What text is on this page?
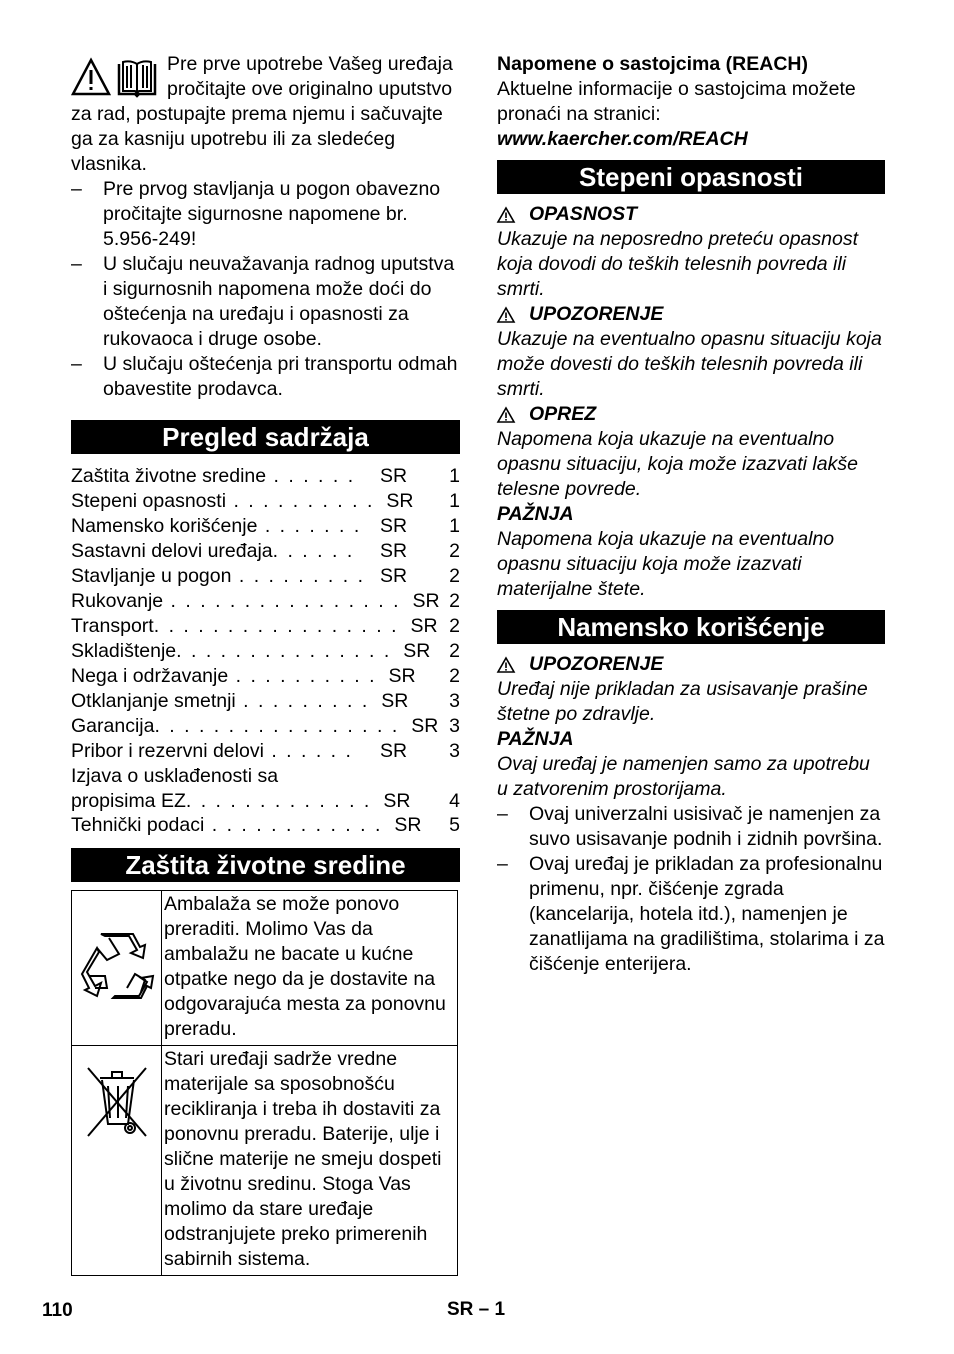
Pre prve upotrebe Vašeg uređaja pročitajte ove originalno uputstvo za rad, postupajte prema njemu i sačuvajte ga za kasniju upotrebu ili za sledećeg vlasnika.

– Pre prvog stavljanja u pogon obavezno pročitajte sigurnosne napomene br. 5.956-249!

– U slučaju neuvažavanja radnog uputstva i sigurnosnih napomena može doći do oštećenja na uređaju i opasnosti za rukovaoca i druge osobe.

– U slučaju oštećenja pri transportu odmah obavestite prodavca.

Pregled sadržaja
Zaštita životne sredine . . . . . .	SR	1
Stepeni opasnosti . . . . . . . . . . SR	1
Namensko korišćenje . . . . . . . SR	1
Sastavni delovi uređaja. . . . . .	SR	2
Stavljanje u pogon . . . . . . . . . SR	2
Rukovanje . . . . . . . . . . . . . . . . SR 2
Transport. . . . . . . . . . . . . . . . . SR 2
Skladištenje. . . . . . . . . . . . . . . SR 2
Nega i održavanje . . . . . . . . . . SR	2
Otklanjanje smetnji . . . . . . . . . SR	3
Garancija. . . . . . . . . . . . . . . . . SR 3
Pribor i rezervni delovi . . . . . .	SR	3
Izjava o usklađenosti sa
propisima EZ. . . . . . . . . . . . . SR	4
Tehnički podaci . . . . . . . . . . . . SR	5
Zaštita životne sredine
	Ambalaža se može ponovo preraditi. Molimo Vas da ambalažu ne bacate u kućne otpatke nego da je dostavite na odgovarajuća mesta za ponovnu preradu.
	Stari uređaji sadrže vredne materijale sa sposobnošću recikliranja i treba ih dostaviti za ponovnu preradu. Baterije, ulje i slične materije ne smeju dospeti u životnu sredinu. Stoga Vas molimo da stare uređaje odstranjujete preko primerenih sabirnih sistema.

Napomene o sastojcima (REACH)

Aktuelne informacije o sastojcima možete pronaći na stranici:

www.kaercher.com/REACH

Stepeni opasnosti
OPASNOST

Ukazuje na neposredno preteću opasnost koja dovodi do teških telesnih povreda ili smrti.

UPOZORENJE

Ukazuje na eventualno opasnu situaciju koja može dovesti do teških telesnih povreda ili smrti.

OPREZ

Napomena koja ukazuje na eventualno opasnu situaciju, koja može izazvati lakše telesne povrede.

PAŽNJA

Napomena koja ukazuje na eventualno opasnu situaciju koja može izazvati materijalne štete.

Namensko korišćenje
UPOZORENJE

Uređaj nije prikladan za usisavanje prašine štetne po zdravlje.

PAŽNJA

Ovaj uređaj je namenjen samo za upotrebu u zatvorenim prostorijama.

– Ovaj univerzalni usisivač je namenjen za suvo usisavanje podnih i zidnih površina.

– Ovaj uređaj je prikladan za profesionalnu primenu, npr. čišćenje zgrada (kancelarija, hotela itd.), namenjen je zanatlijama na gradilištima, stolarima i za čišćenje enterijera.

110	SR – 1
